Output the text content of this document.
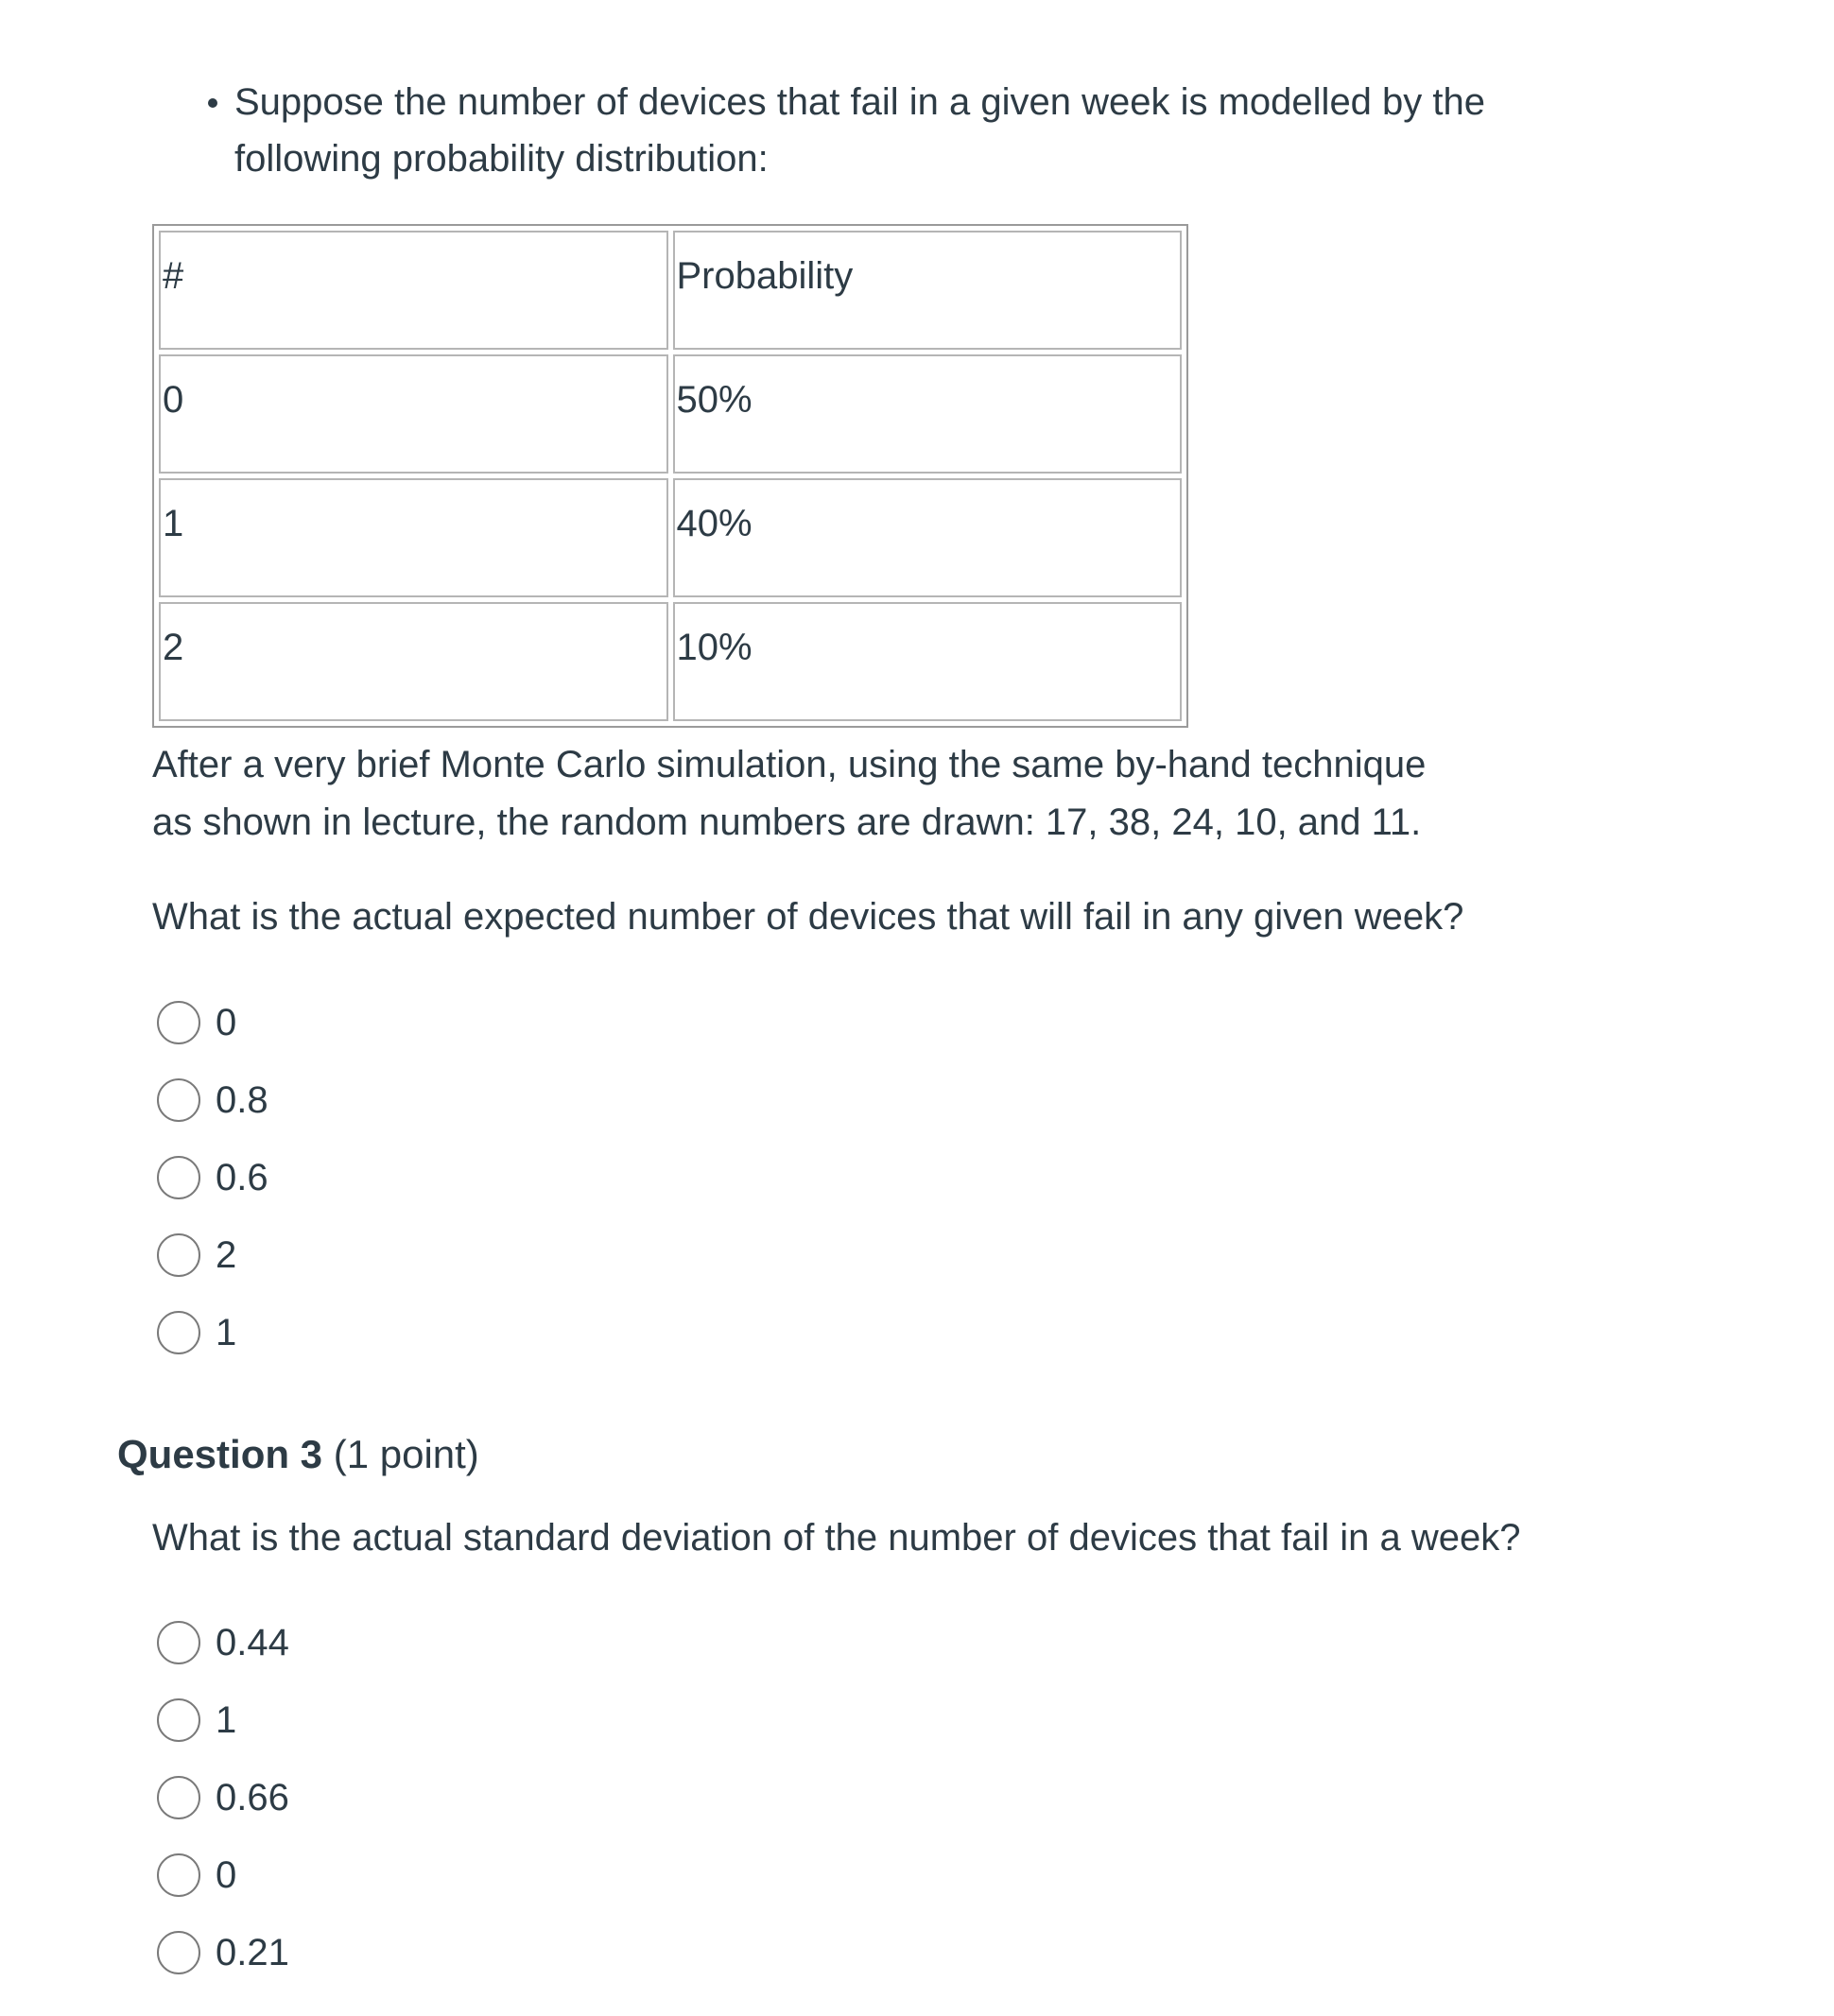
Suppose the number of devices that fail in a given week is modelled by the
following probability distribution:
#	Probability
0	50%
1	40%
2	10%
After a very brief Monte Carlo simulation, using the same by-hand technique
as shown in lecture, the random numbers are drawn: 17, 38, 24, 10, and 11.
What is the actual expected number of devices that will fail in any given week?
0
0.8
0.6
2
1
Question 3 (1 point)
What is the actual standard deviation of the number of devices that fail in a week?
0.44
1
0.66
0
0.21
